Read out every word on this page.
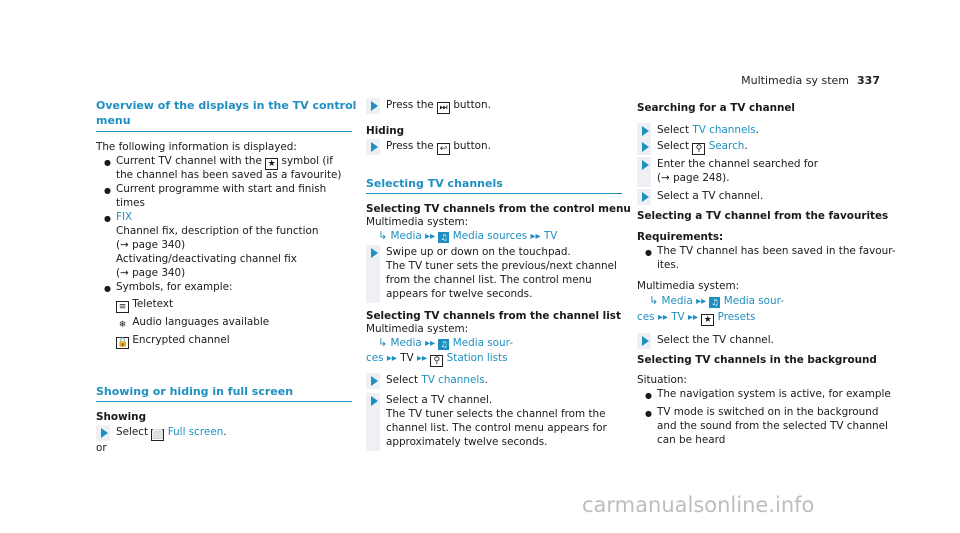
Multimedia sy stem 337

Overview of the displays in the TV control

menu

The following information is displayed:

● Current TV channel with the ★ symbol (if
the channel has been saved as a favourite)
● Current programme with start and finish
times
● FIX
Channel fix, description of the function
(→ page 340)
Activating/deactivating channel fix
(→ page 340)
● Symbols, for example:
≡ Teletext
❄ Audio languages available
🔒 Encrypted channel

Showing or hiding in full screen

Showing

Select ⬜ Full screen.

or

Press the ⏭ button.

Hiding

Press the ↩ button.

Selecting TV channels

Selecting TV channels from the control menu

Multimedia system:

↳ Media ▸▸ ♫ Media sources ▸▸ TV

Swipe up or down on the touchpad.

The TV tuner sets the previous/next channel

from the channel list. The control menu

appears for twelve seconds.

Selecting TV channels from the channel list

Multimedia system:

↳ Media ▸▸ ♫ Media sour-

ces ▸▸ TV ▸▸ ⚲ Station lists

Select TV channels.

Select a TV channel.

The TV tuner selects the channel from the

channel list. The control menu appears for

approximately twelve seconds.

Searching for a TV channel

Select TV channels.

Select ⚲ Search.

Enter the channel searched for

(→ page 248).

Select a TV channel.

Selecting a TV channel from the favourites

Requirements:

● The TV channel has been saved in the favour-

ites.

Multimedia system:

↳ Media ▸▸ ♫ Media sour-

ces ▸▸ TV ▸▸ ★ Presets

Select the TV channel.

Selecting TV channels in the background

Situation:

● The navigation system is active, for example

● TV mode is switched on in the background

and the sound from the selected TV channel

can be heard

carmanualsonline.info
